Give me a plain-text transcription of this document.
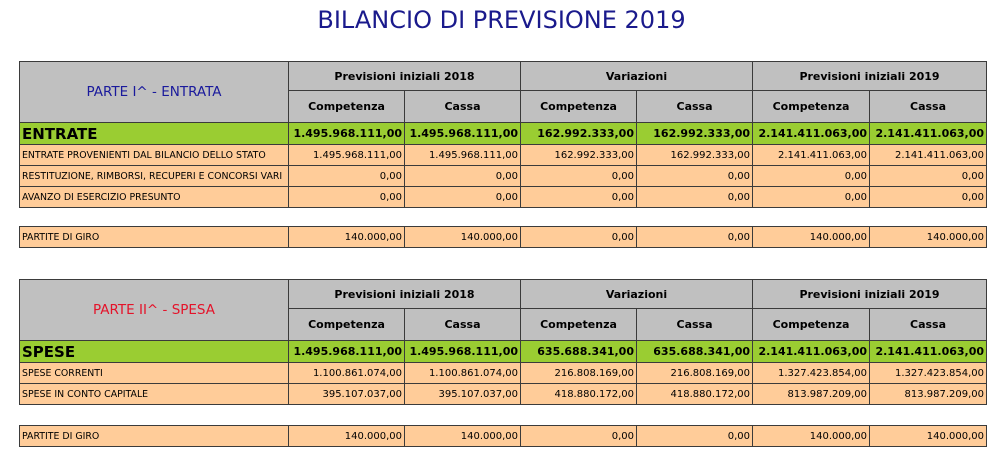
BILANCIO DI PREVISIONE 2019
PARTE I^ - ENTRATA	Previsioni iniziali 2018		Variazioni		Previsioni iniziali 2019	
	Competenza	Cassa	Competenza	Cassa	Competenza	Cassa
ENTRATE	1.495.968.111,00	1.495.968.111,00	162.992.333,00	162.992.333,00	2.141.411.063,00	2.141.411.063,00
ENTRATE PROVENIENTI DAL BILANCIO DELLO STATO	1.495.968.111,00	1.495.968.111,00	162.992.333,00	162.992.333,00	2.141.411.063,00	2.141.411.063,00
RESTITUZIONE, RIMBORSI, RECUPERI E CONCORSI VARI	0,00	0,00	0,00	0,00	0,00	0,00
AVANZO DI ESERCIZIO PRESUNTO	0,00	0,00	0,00	0,00	0,00	0,00

PARTITE DI GIRO	140.000,00	140.000,00	0,00	0,00	140.000,00	140.000,00
PARTE II^ - SPESA	Previsioni iniziali 2018		Variazioni		Previsioni iniziali 2019	
	Competenza	Cassa	Competenza	Cassa	Competenza	Cassa
SPESE	1.495.968.111,00	1.495.968.111,00	635.688.341,00	635.688.341,00	2.141.411.063,00	2.141.411.063,00
SPESE CORRENTI	1.100.861.074,00	1.100.861.074,00	216.808.169,00	216.808.169,00	1.327.423.854,00	1.327.423.854,00
SPESE IN CONTO CAPITALE	395.107.037,00	395.107.037,00	418.880.172,00	418.880.172,00	813.987.209,00	813.987.209,00

PARTITE DI GIRO	140.000,00	140.000,00	0,00	0,00	140.000,00	140.000,00
